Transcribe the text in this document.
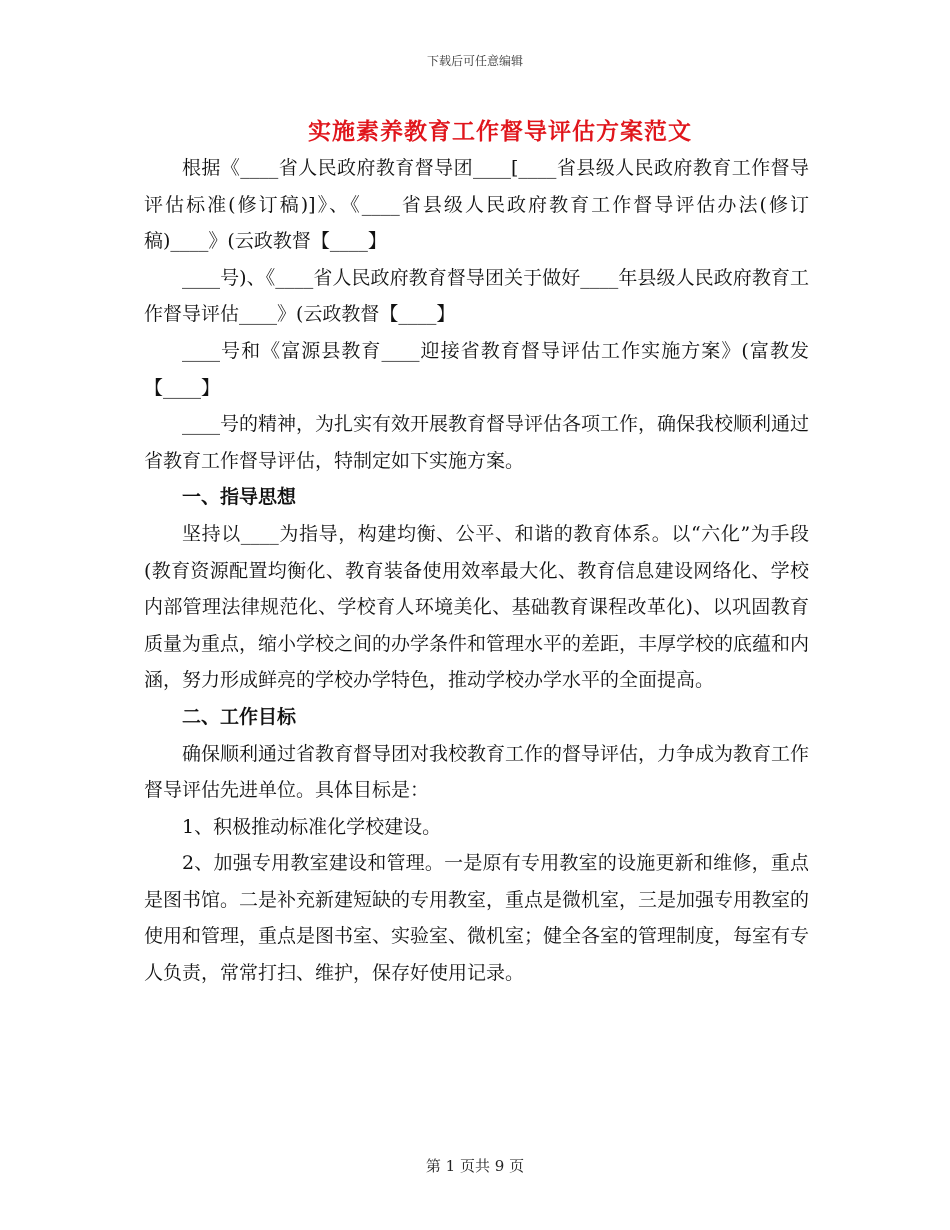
下载后可任意编辑
实施素养教育工作督导评估方案范文

根据《____省人民政府教育督导团____[____省县级人民政府教育工作督导评估标准(修订稿)]》、《____省县级人民政府教育工作督导评估办法(修订稿)____》(云政教督【____】

____号)、《____省人民政府教育督导团关于做好____年县级人民政府教育工作督导评估____》(云政教督【____】

____号和《富源县教育____迎接省教育督导评估工作实施方案》(富教发【____】

____号的精神，为扎实有效开展教育督导评估各项工作，确保我校顺利通过省教育工作督导评估，特制定如下实施方案。

一、指导思想

坚持以____为指导，构建均衡、公平、和谐的教育体系。以“六化”为手段(教育资源配置均衡化、教育装备使用效率最大化、教育信息建设网络化、学校内部管理法律规范化、学校育人环境美化、基础教育课程改革化)、以巩固教育质量为重点，缩小学校之间的办学条件和管理水平的差距，丰厚学校的底蕴和内涵，努力形成鲜亮的学校办学特色，推动学校办学水平的全面提高。

二、工作目标

确保顺利通过省教育督导团对我校教育工作的督导评估，力争成为教育工作督导评估先进单位。具体目标是：

1、积极推动标准化学校建设。

2、加强专用教室建设和管理。一是原有专用教室的设施更新和维修，重点是图书馆。二是补充新建短缺的专用教室，重点是微机室，三是加强专用教室的使用和管理，重点是图书室、实验室、微机室；健全各室的管理制度，每室有专人负责，常常打扫、维护，保存好使用记录。

第 1 页共 9 页
